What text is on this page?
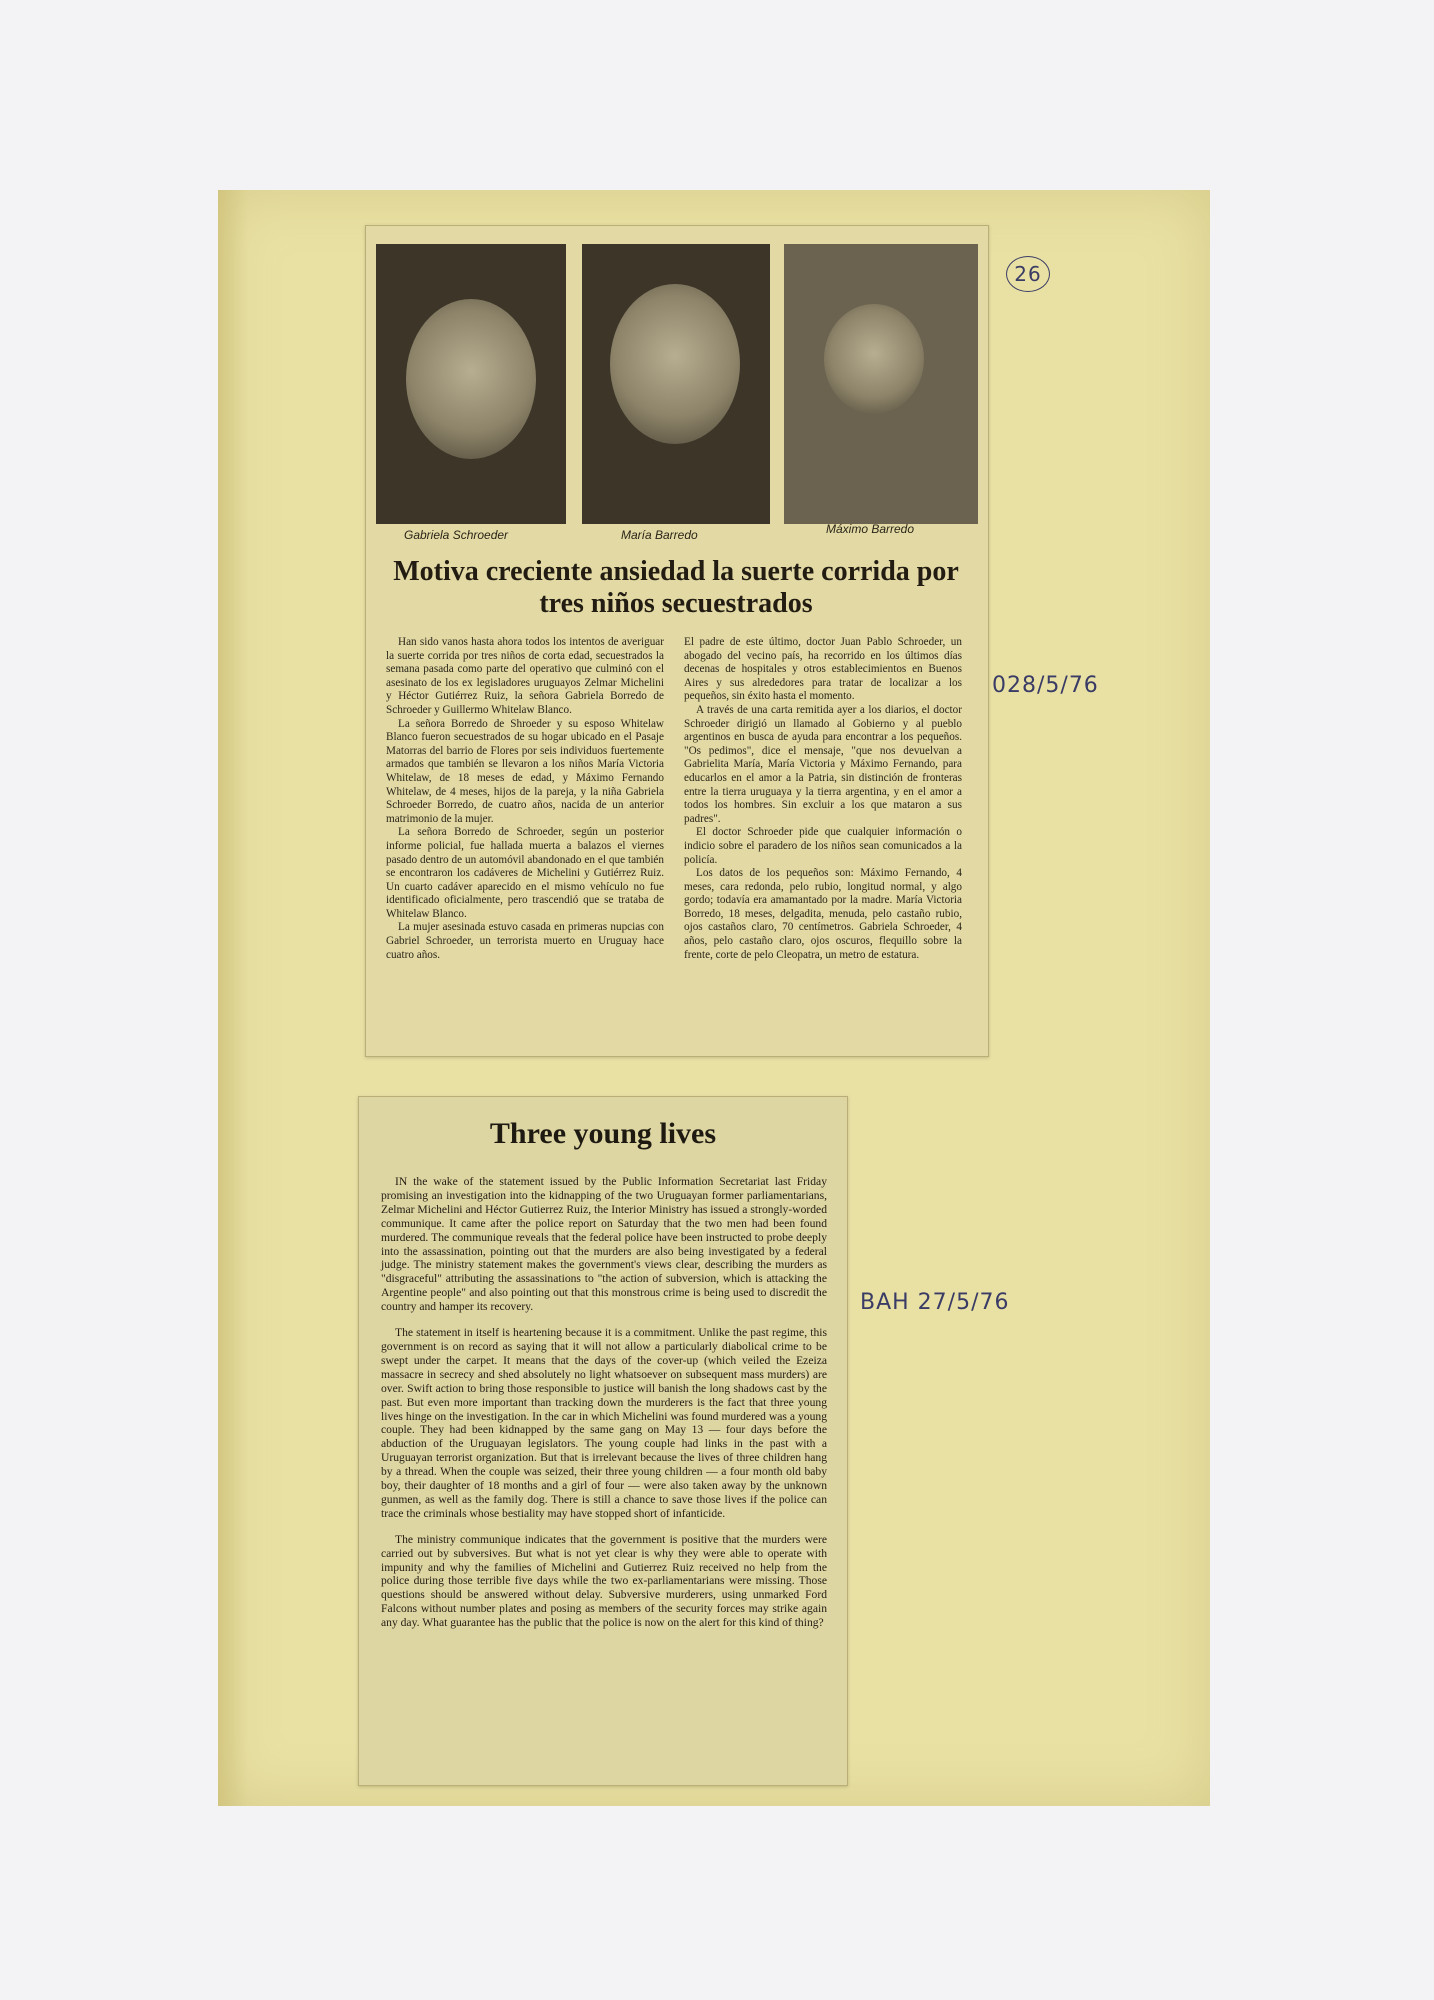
Gabriela Schroeder	María Barredo	Máximo Barredo
Motiva creciente ansiedad la suerte corrida por tres niños secuestrados

Han sido vanos hasta ahora todos los intentos de averiguar la suerte corrida por tres niños de corta edad, secuestrados la semana pasada como parte del operativo que culminó con el asesinato de los ex legisladores uruguayos Zelmar Michelini y Héctor Gutiérrez Ruiz, la señora Gabriela Borredo de Schroeder y Guillermo Whitelaw Blanco.

La señora Borredo de Shroeder y su esposo Whitelaw Blanco fueron secuestrados de su hogar ubicado en el Pasaje Matorras del barrio de Flores por seis individuos fuertemente armados que también se llevaron a los niños María Victoria Whitelaw, de 18 meses de edad, y Máximo Fernando Whitelaw, de 4 meses, hijos de la pareja, y la niña Gabriela Schroeder Borredo, de cuatro años, nacida de un anterior matrimonio de la mujer.

La señora Borredo de Schroeder, según un posterior informe policial, fue hallada muerta a balazos el viernes pasado dentro de un automóvil abandonado en el que también se encontraron los cadáveres de Michelini y Gutiérrez Ruiz. Un cuarto cadáver aparecido en el mismo vehículo no fue identificado oficialmente, pero trascendió que se trataba de Whitelaw Blanco.

La mujer asesinada estuvo casada en primeras nupcias con Gabriel Schroeder, un terrorista muerto en Uruguay hace cuatro años.

El padre de este último, doctor Juan Pablo Schroeder, un abogado del vecino país, ha recorrido en los últimos días decenas de hospitales y otros establecimientos en Buenos Aires y sus alrededores para tratar de localizar a los pequeños, sin éxito hasta el momento.

A través de una carta remitida ayer a los diarios, el doctor Schroeder dirigió un llamado al Gobierno y al pueblo argentinos en busca de ayuda para encontrar a los pequeños. "Os pedimos", dice el mensaje, "que nos devuelvan a Gabrielita María, María Victoria y Máximo Fernando, para educarlos en el amor a la Patria, sin distinción de fronteras entre la tierra uruguaya y la tierra argentina, y en el amor a todos los hombres. Sin excluir a los que mataron a sus padres".

El doctor Schroeder pide que cualquier información o indicio sobre el paradero de los niños sean comunicados a la policía.

Los datos de los pequeños son: Máximo Fernando, 4 meses, cara redonda, pelo rubio, longitud normal, y algo gordo; todavía era amamantado por la madre. María Victoria Borredo, 18 meses, delgadita, menuda, pelo castaño rubio, ojos castaños claro, 70 centímetros. Gabriela Schroeder, 4 años, pelo castaño claro, ojos oscuros, flequillo sobre la frente, corte de pelo Cleopatra, un metro de estatura.

Three young lives

IN the wake of the statement issued by the Public Information Secretariat last Friday promising an investigation into the kidnapping of the two Uruguayan former parliamentarians, Zelmar Michelini and Héctor Gutierrez Ruiz, the Interior Ministry has issued a strongly-worded communique. It came after the police report on Saturday that the two men had been found murdered. The communique reveals that the federal police have been instructed to probe deeply into the assassination, pointing out that the murders are also being investigated by a federal judge. The ministry statement makes the government's views clear, describing the murders as "disgraceful" attributing the assassinations to "the action of subversion, which is attacking the Argentine people" and also pointing out that this monstrous crime is being used to discredit the country and hamper its recovery.

The statement in itself is heartening because it is a commitment. Unlike the past regime, this government is on record as saying that it will not allow a particularly diabolical crime to be swept under the carpet. It means that the days of the cover-up (which veiled the Ezeiza massacre in secrecy and shed absolutely no light whatsoever on subsequent mass murders) are over. Swift action to bring those responsible to justice will banish the long shadows cast by the past. But even more important than tracking down the murderers is the fact that three young lives hinge on the investigation. In the car in which Michelini was found murdered was a young couple. They had been kidnapped by the same gang on May 13 — four days before the abduction of the Uruguayan legislators. The young couple had links in the past with a Uruguayan terrorist organization. But that is irrelevant because the lives of three children hang by a thread. When the couple was seized, their three young children — a four month old baby boy, their daughter of 18 months and a girl of four — were also taken away by the unknown gunmen, as well as the family dog. There is still a chance to save those lives if the police can trace the criminals whose bestiality may have stopped short of infanticide.

The ministry communique indicates that the government is positive that the murders were carried out by subversives. But what is not yet clear is why they were able to operate with impunity and why the families of Michelini and Gutierrez Ruiz received no help from the police during those terrible five days while the two ex-parliamentarians were missing. Those questions should be answered without delay. Subversive murderers, using unmarked Ford Falcons without number plates and posing as members of the security forces may strike again any day. What guarantee has the public that the police is now on the alert for this kind of thing?

26
028/5/76
BAH 27/5/76
